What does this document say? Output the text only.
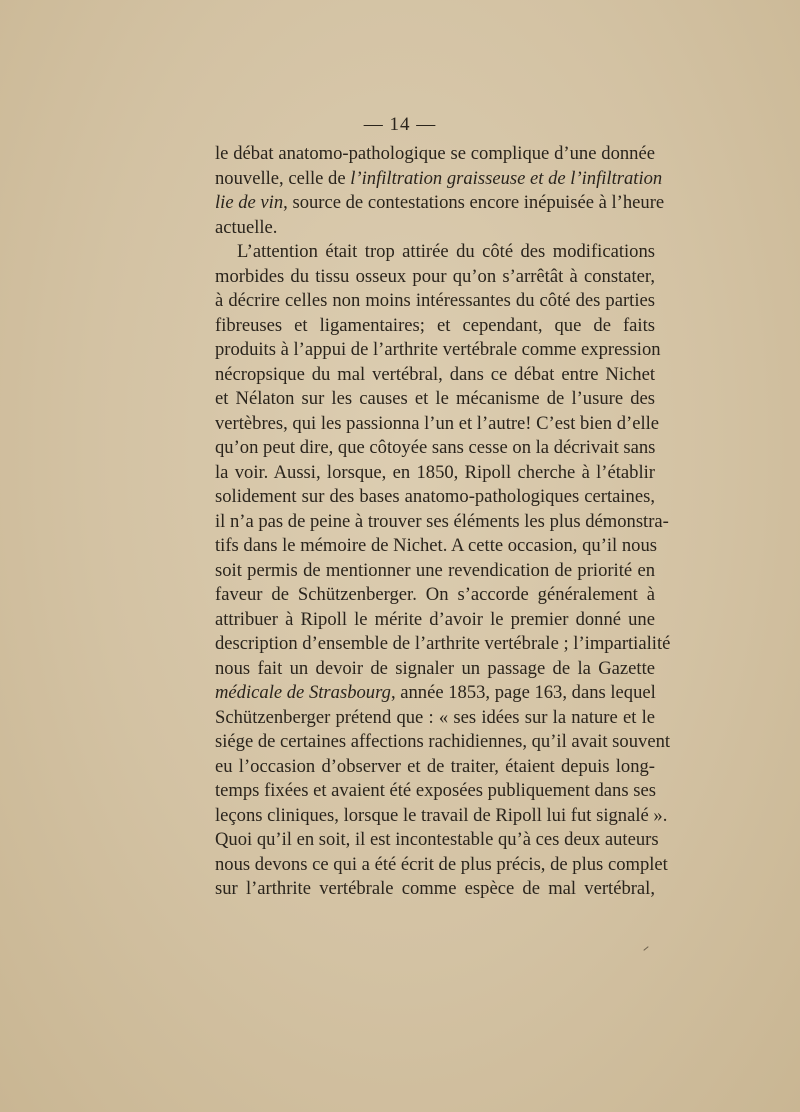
— 14 —

le débat anatomo-pathologique se complique d’une donnée
nouvelle, celle de l’infiltration graisseuse et de l’infiltration
lie de vin, source de contestations encore inépuisée à l’heure
actuelle.

L’attention était trop attirée du côté des modifications
morbides du tissu osseux pour qu’on s’arrêtât à constater,
à décrire celles non moins intéressantes du côté des parties
fibreuses et ligamentaires; et cependant, que de faits
produits à l’appui de l’arthrite vertébrale comme expression
nécropsique du mal vertébral, dans ce débat entre Nichet
et Nélaton sur les causes et le mécanisme de l’usure des
vertèbres, qui les passionna l’un et l’autre! C’est bien d’elle
qu’on peut dire, que côtoyée sans cesse on la décrivait sans
la voir. Aussi, lorsque, en 1850, Ripoll cherche à l’établir
solidement sur des bases anatomo-pathologiques certaines,
il n’a pas de peine à trouver ses éléments les plus démonstra-
tifs dans le mémoire de Nichet. A cette occasion, qu’il nous
soit permis de mentionner une revendication de priorité en
faveur de Schützenberger. On s’accorde généralement à
attribuer à Ripoll le mérite d’avoir le premier donné une
description d’ensemble de l’arthrite vertébrale ; l’impartialité
nous fait un devoir de signaler un passage de la Gazette
médicale de Strasbourg, année 1853, page 163, dans lequel
Schützenberger prétend que : « ses idées sur la nature et le
siége de certaines affections rachidiennes, qu’il avait souvent
eu l’occasion d’observer et de traiter, étaient depuis long-
temps fixées et avaient été exposées publiquement dans ses
leçons cliniques, lorsque le travail de Ripoll lui fut signalé ».
Quoi qu’il en soit, il est incontestable qu’à ces deux auteurs
nous devons ce qui a été écrit de plus précis, de plus complet
sur l’arthrite vertébrale comme espèce de mal vertébral,
